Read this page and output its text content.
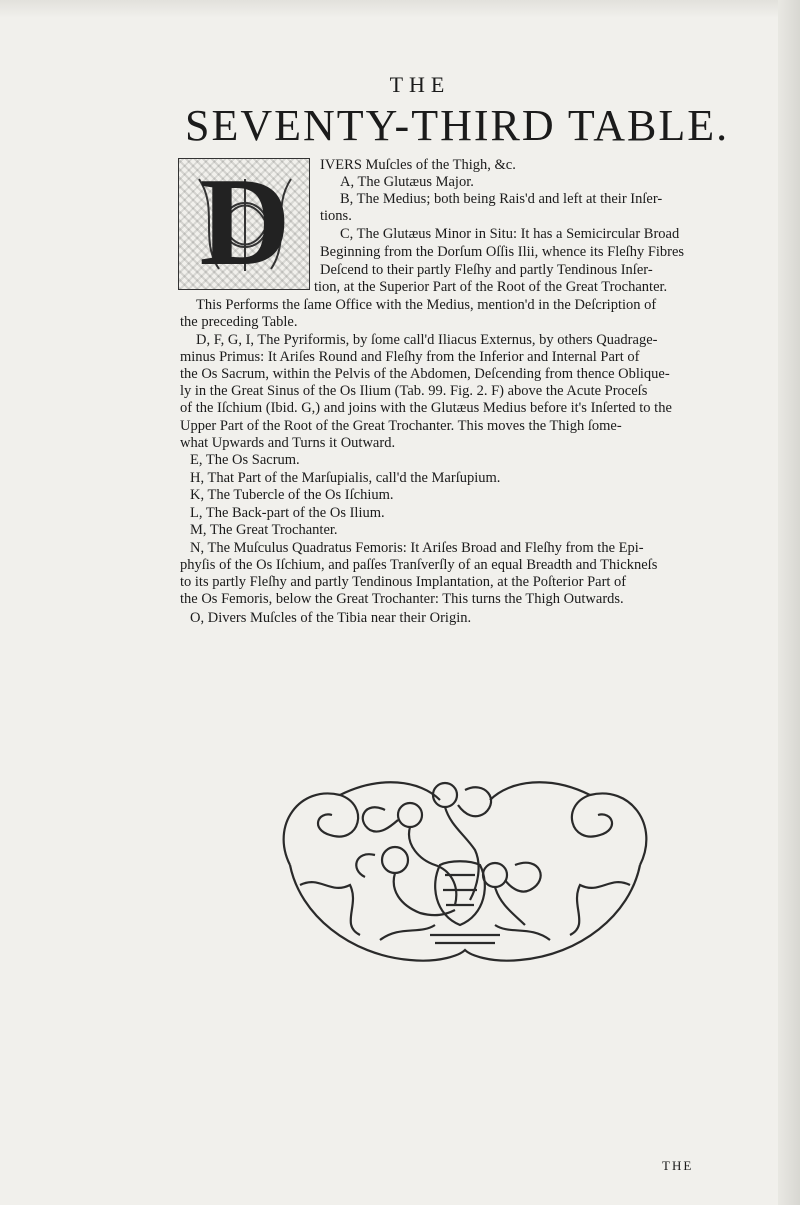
THE
SEVENTY-THIRD TABLE.
D	IVERS Muſcles of the Thigh, &c.
A, The Glutæus Major.
B, The Medius; both being Rais'd and left at their Inſer-
tions.
C, The Glutæus Minor in Situ: It has a Semicircular Broad
Beginning from the Dorſum Oſſis Ilii, whence its Fleſhy Fibres
Deſcend to their partly Fleſhy and partly Tendinous Inſer-
tion, at the Superior Part of the Root of the Great Trochanter.
This Performs the ſame Office with the Medius, mention'd in the Deſcription of
the preceding Table.
D, F, G, I, The Pyriformis, by ſome call'd Iliacus Externus, by others Quadrage-
minus Primus: It Ariſes Round and Fleſhy from the Inferior and Internal Part of
the Os Sacrum, within the Pelvis of the Abdomen, Deſcending from thence Oblique-
ly in the Great Sinus of the Os Ilium (Tab. 99. Fig. 2. F) above the Acute Proceſs
of the Iſchium (Ibid. G,) and joins with the Glutæus Medius before it's Inſerted to the
Upper Part of the Root of the Great Trochanter. This moves the Thigh ſome-
what Upwards and Turns it Outward.
E, The Os Sacrum.
H, That Part of the Marſupialis, call'd the Marſupium.
K, The Tubercle of the Os Iſchium.
L, The Back-part of the Os Ilium.
M, The Great Trochanter.
N, The Muſculus Quadratus Femoris: It Ariſes Broad and Fleſhy from the Epi-
phyſis of the Os Iſchium, and paſſes Tranſverſly of an equal Breadth and Thickneſs
to its partly Fleſhy and partly Tendinous Implantation, at the Poſterior Part of
the Os Femoris, below the Great Trochanter: This turns the Thigh Outwards.
O, Divers Muſcles of the Tibia near their Origin.
THE
